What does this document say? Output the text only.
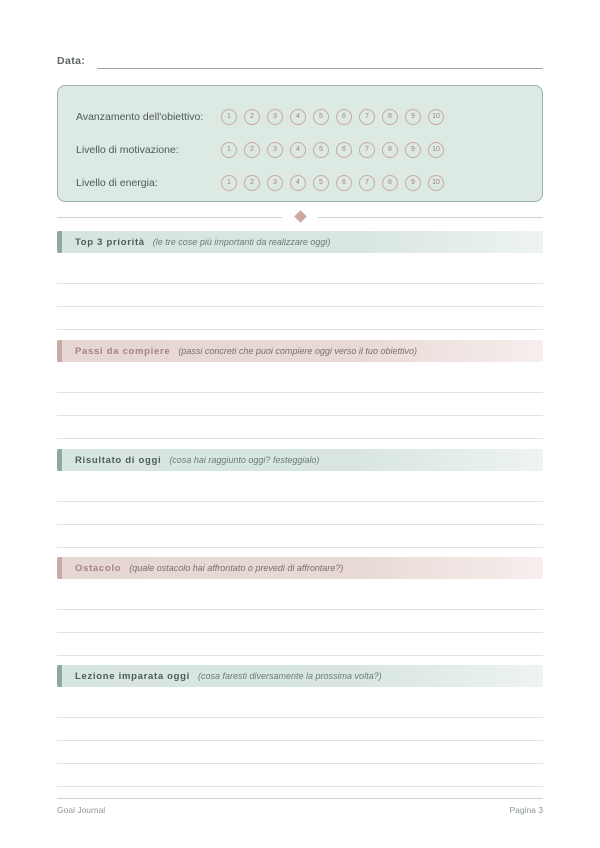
Data:
Avanzamento dell'obiettivo:	1	2	3	4	5	6	7	8	9	10
Livello di motivazione:	1	2	3	4	5	6	7	8	9	10
Livello di energia:	1	2	3	4	5	6	7	8	9	10
Top 3 priorità (le tre cose più importanti da realizzare oggi)
Passi da compiere (passi concreti che puoi compiere oggi verso il tuo obiettivo)
Risultato di oggi (cosa hai raggiunto oggi? festeggialo)
Ostacolo (quale ostacolo hai affrontato o prevedi di affrontare?)
Lezione imparata oggi (cosa faresti diversamente la prossima volta?)
Goal Journal	Pagina 3
